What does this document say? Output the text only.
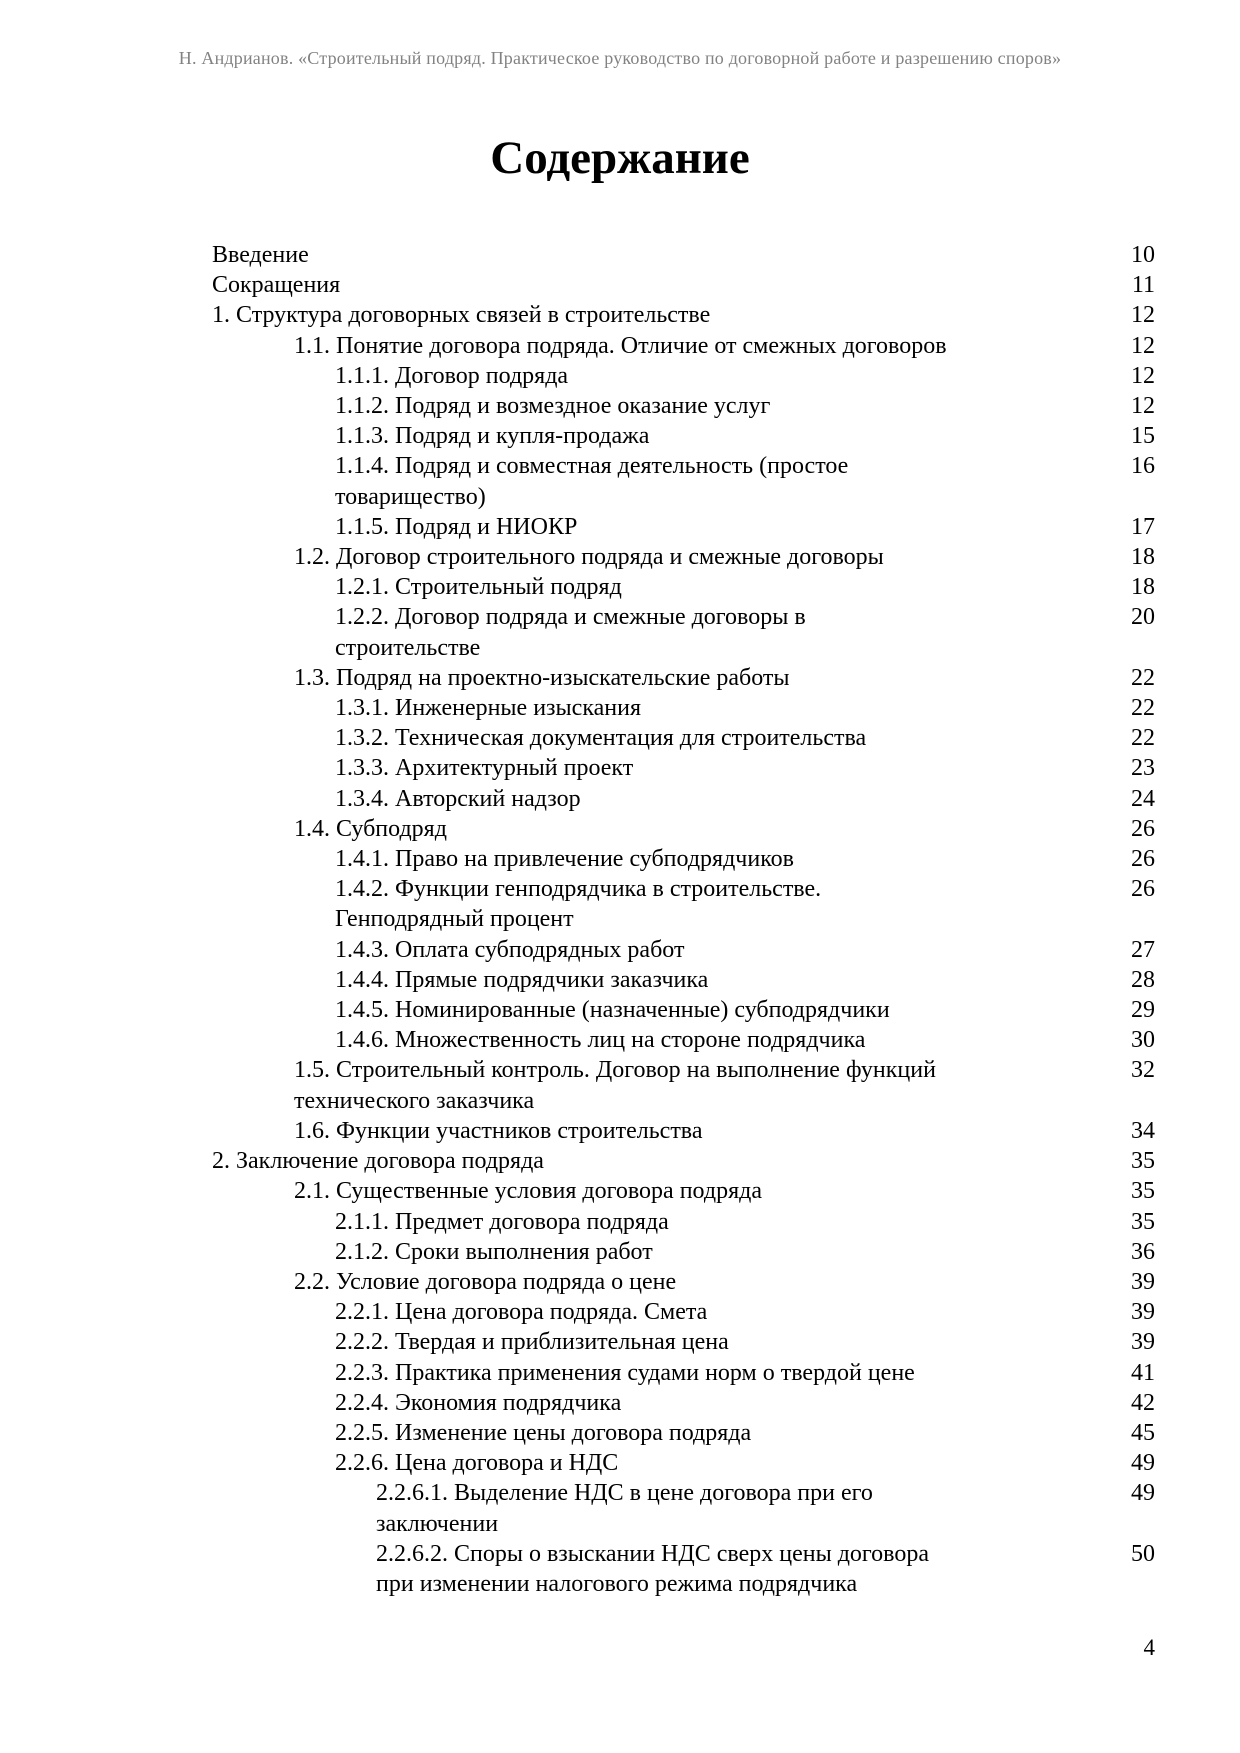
Н. Андрианов. «Строительный подряд. Практическое руководство по договорной работе и разрешению споров»
Содержание
Введение	10
Сокращения	11
1. Структура договорных связей в строительстве	12
1.1. Понятие договора подряда. Отличие от смежных договоров	12
1.1.1. Договор подряда	12
1.1.2. Подряд и возмездное оказание услуг	12
1.1.3. Подряд и купля-продажа	15
1.1.4. Подряд и совместная деятельность (простое	16
товарищество)
1.1.5. Подряд и НИОКР	17
1.2. Договор строительного подряда и смежные договоры	18
1.2.1. Строительный подряд	18
1.2.2. Договор подряда и смежные договоры в	20
строительстве
1.3. Подряд на проектно-изыскательские работы	22
1.3.1. Инженерные изыскания	22
1.3.2. Техническая документация для строительства	22
1.3.3. Архитектурный проект	23
1.3.4. Авторский надзор	24
1.4. Субподряд	26
1.4.1. Право на привлечение субподрядчиков	26
1.4.2. Функции генподрядчика в строительстве.	26
Генподрядный процент
1.4.3. Оплата субподрядных работ	27
1.4.4. Прямые подрядчики заказчика	28
1.4.5. Номинированные (назначенные) субподрядчики	29
1.4.6. Множественность лиц на стороне подрядчика	30
1.5. Строительный контроль. Договор на выполнение функций	32
технического заказчика
1.6. Функции участников строительства	34
2. Заключение договора подряда	35
2.1. Существенные условия договора подряда	35
2.1.1. Предмет договора подряда	35
2.1.2. Сроки выполнения работ	36
2.2. Условие договора подряда о цене	39
2.2.1. Цена договора подряда. Смета	39
2.2.2. Твердая и приблизительная цена	39
2.2.3. Практика применения судами норм о твердой цене	41
2.2.4. Экономия подрядчика	42
2.2.5. Изменение цены договора подряда	45
2.2.6. Цена договора и НДС	49
2.2.6.1. Выделение НДС в цене договора при его	49
заключении
2.2.6.2. Споры о взыскании НДС сверх цены договора	50
при изменении налогового режима подрядчика
4
